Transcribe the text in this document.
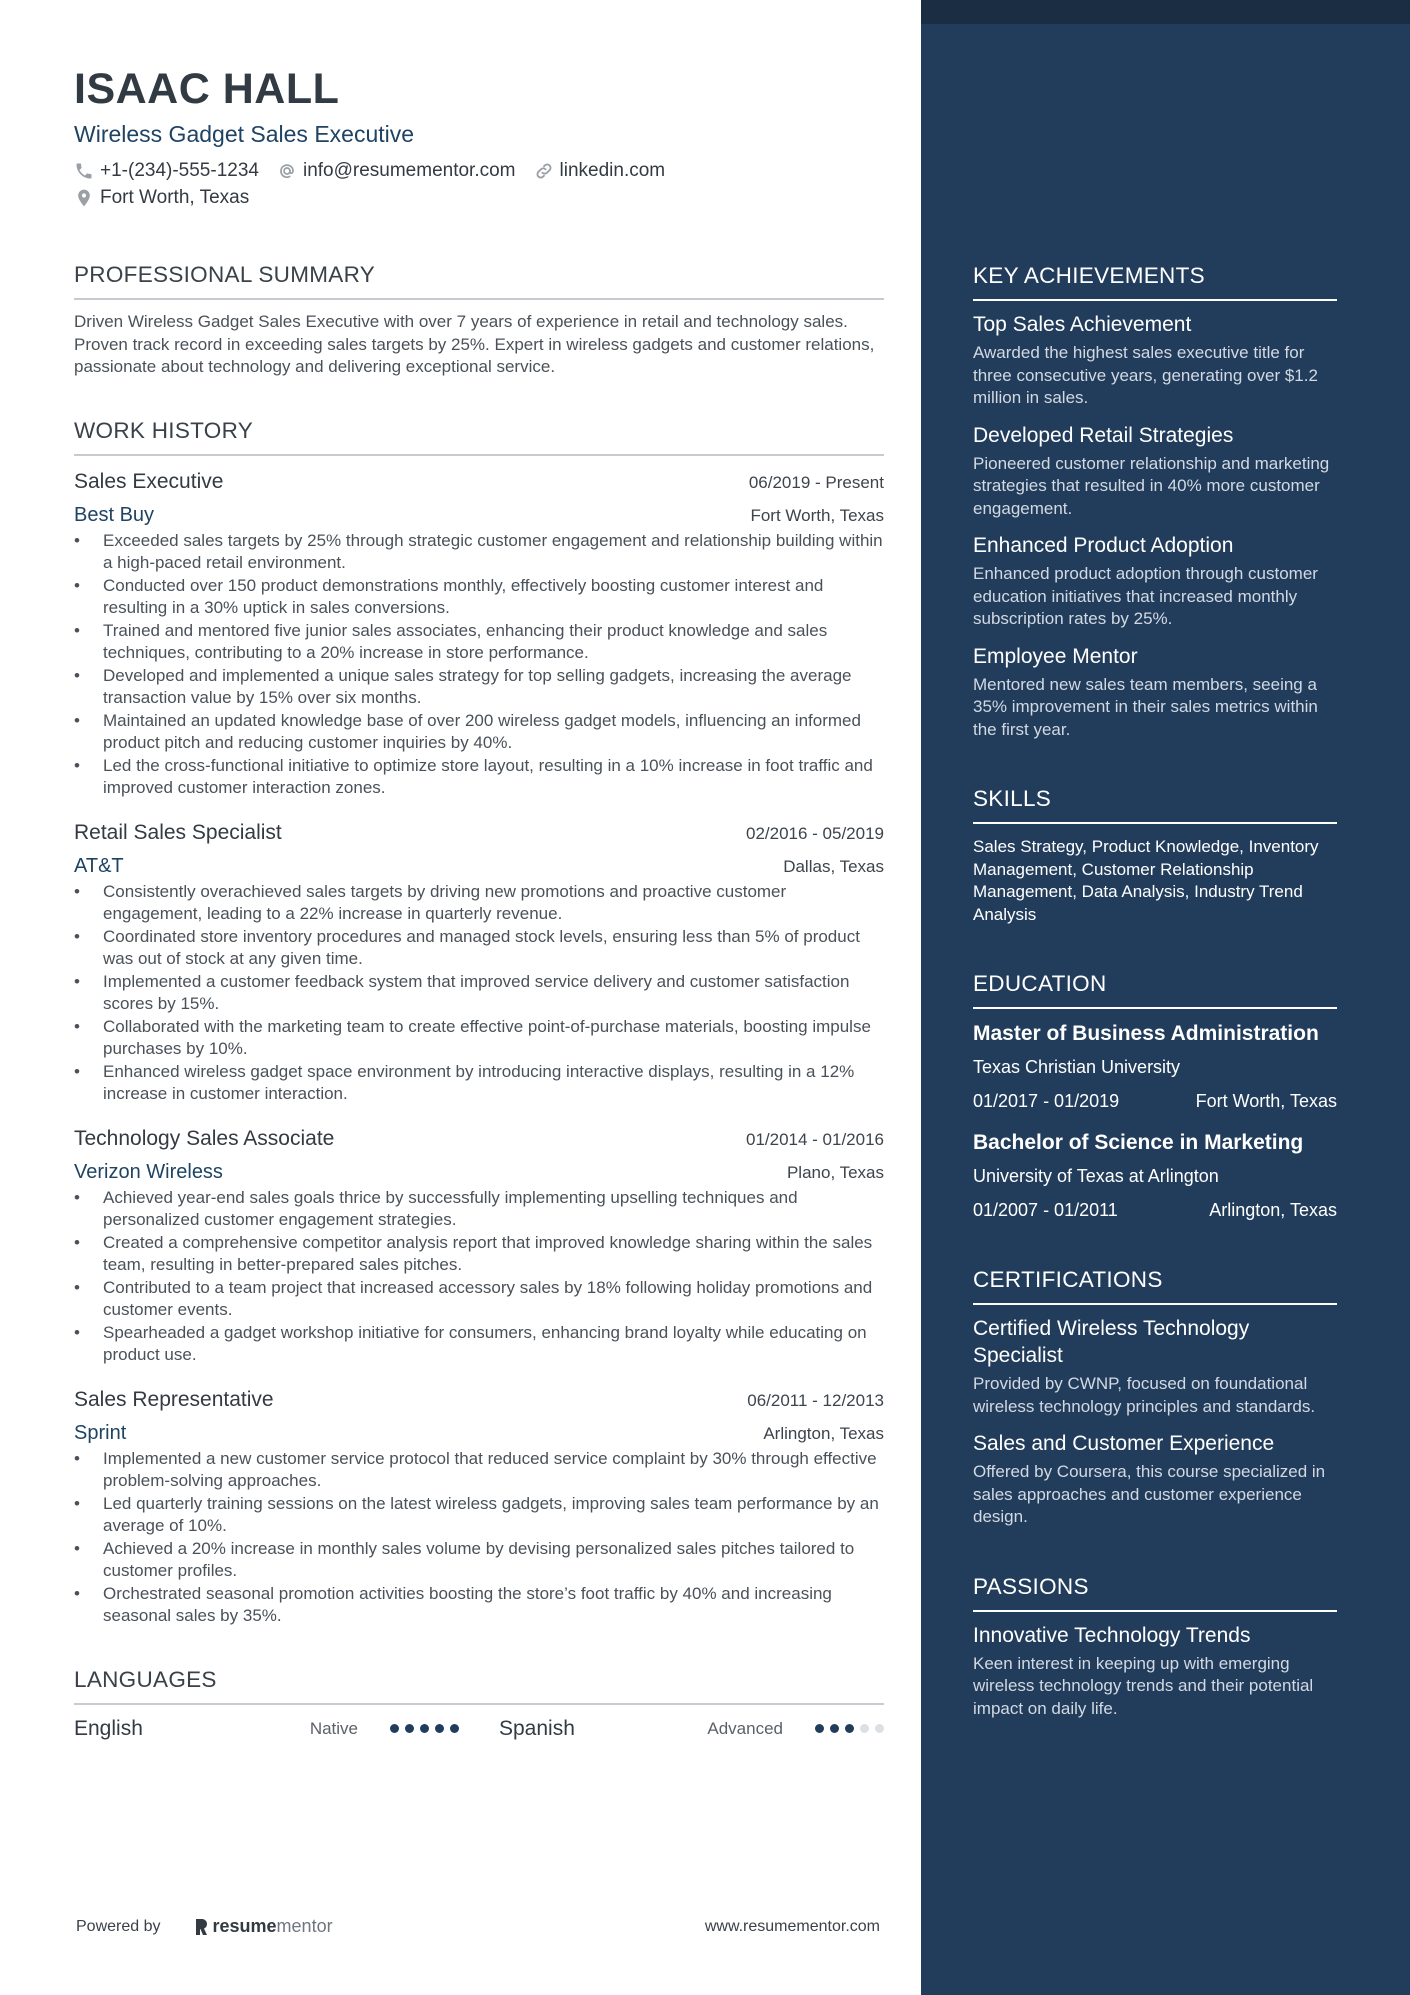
ISAAC HALL
Wireless Gadget Sales Executive
+1-(234)-555-1234 info@resumementor.com linkedin.com
Fort Worth, Texas
PROFESSIONAL SUMMARY
Driven Wireless Gadget Sales Executive with over 7 years of experience in retail and technology sales. Proven track record in exceeding sales targets by 25%. Expert in wireless gadgets and customer relations, passionate about technology and delivering exceptional service.
WORK HISTORY
Sales Executive	06/2019 - Present
Best Buy	Fort Worth, Texas
• Exceeded sales targets by 25% through strategic customer engagement and relationship building within a high-paced retail environment.
• Conducted over 150 product demonstrations monthly, effectively boosting customer interest and resulting in a 30% uptick in sales conversions.
• Trained and mentored five junior sales associates, enhancing their product knowledge and sales techniques, contributing to a 20% increase in store performance.
• Developed and implemented a unique sales strategy for top selling gadgets, increasing the average transaction value by 15% over six months.
• Maintained an updated knowledge base of over 200 wireless gadget models, influencing an informed product pitch and reducing customer inquiries by 40%.
• Led the cross-functional initiative to optimize store layout, resulting in a 10% increase in foot traffic and improved customer interaction zones.
Retail Sales Specialist	02/2016 - 05/2019
AT&T	Dallas, Texas
• Consistently overachieved sales targets by driving new promotions and proactive customer engagement, leading to a 22% increase in quarterly revenue.
• Coordinated store inventory procedures and managed stock levels, ensuring less than 5% of product was out of stock at any given time.
• Implemented a customer feedback system that improved service delivery and customer satisfaction scores by 15%.
• Collaborated with the marketing team to create effective point-of-purchase materials, boosting impulse purchases by 10%.
• Enhanced wireless gadget space environment by introducing interactive displays, resulting in a 12% increase in customer interaction.
Technology Sales Associate	01/2014 - 01/2016
Verizon Wireless	Plano, Texas
• Achieved year-end sales goals thrice by successfully implementing upselling techniques and personalized customer engagement strategies.
• Created a comprehensive competitor analysis report that improved knowledge sharing within the sales team, resulting in better-prepared sales pitches.
• Contributed to a team project that increased accessory sales by 18% following holiday promotions and customer events.
• Spearheaded a gadget workshop initiative for consumers, enhancing brand loyalty while educating on product use.
Sales Representative	06/2011 - 12/2013
Sprint	Arlington, Texas
• Implemented a new customer service protocol that reduced service complaint by 30% through effective problem-solving approaches.
• Led quarterly training sessions on the latest wireless gadgets, improving sales team performance by an average of 10%.
• Achieved a 20% increase in monthly sales volume by devising personalized sales pitches tailored to customer profiles.
• Orchestrated seasonal promotion activities boosting the store’s foot traffic by 40% and increasing seasonal sales by 35%.
LANGUAGES
English	Native	Spanish	Advanced
Powered by	resume mentor	www.resumementor.com
KEY ACHIEVEMENTS
Top Sales Achievement
Awarded the highest sales executive title for three consecutive years, generating over $1.2 million in sales.
Developed Retail Strategies
Pioneered customer relationship and marketing strategies that resulted in 40% more customer engagement.
Enhanced Product Adoption
Enhanced product adoption through customer education initiatives that increased monthly subscription rates by 25%.
Employee Mentor
Mentored new sales team members, seeing a 35% improvement in their sales metrics within the first year.
SKILLS
Sales Strategy, Product Knowledge, Inventory Management, Customer Relationship Management, Data Analysis, Industry Trend Analysis
EDUCATION
Master of Business Administration
Texas Christian University
01/2017 - 01/2019	Fort Worth, Texas
Bachelor of Science in Marketing
University of Texas at Arlington
01/2007 - 01/2011	Arlington, Texas
CERTIFICATIONS
Certified Wireless Technology Specialist
Provided by CWNP, focused on foundational wireless technology principles and standards.
Sales and Customer Experience
Offered by Coursera, this course specialized in sales approaches and customer experience design.
PASSIONS
Innovative Technology Trends
Keen interest in keeping up with emerging wireless technology trends and their potential impact on daily life.
